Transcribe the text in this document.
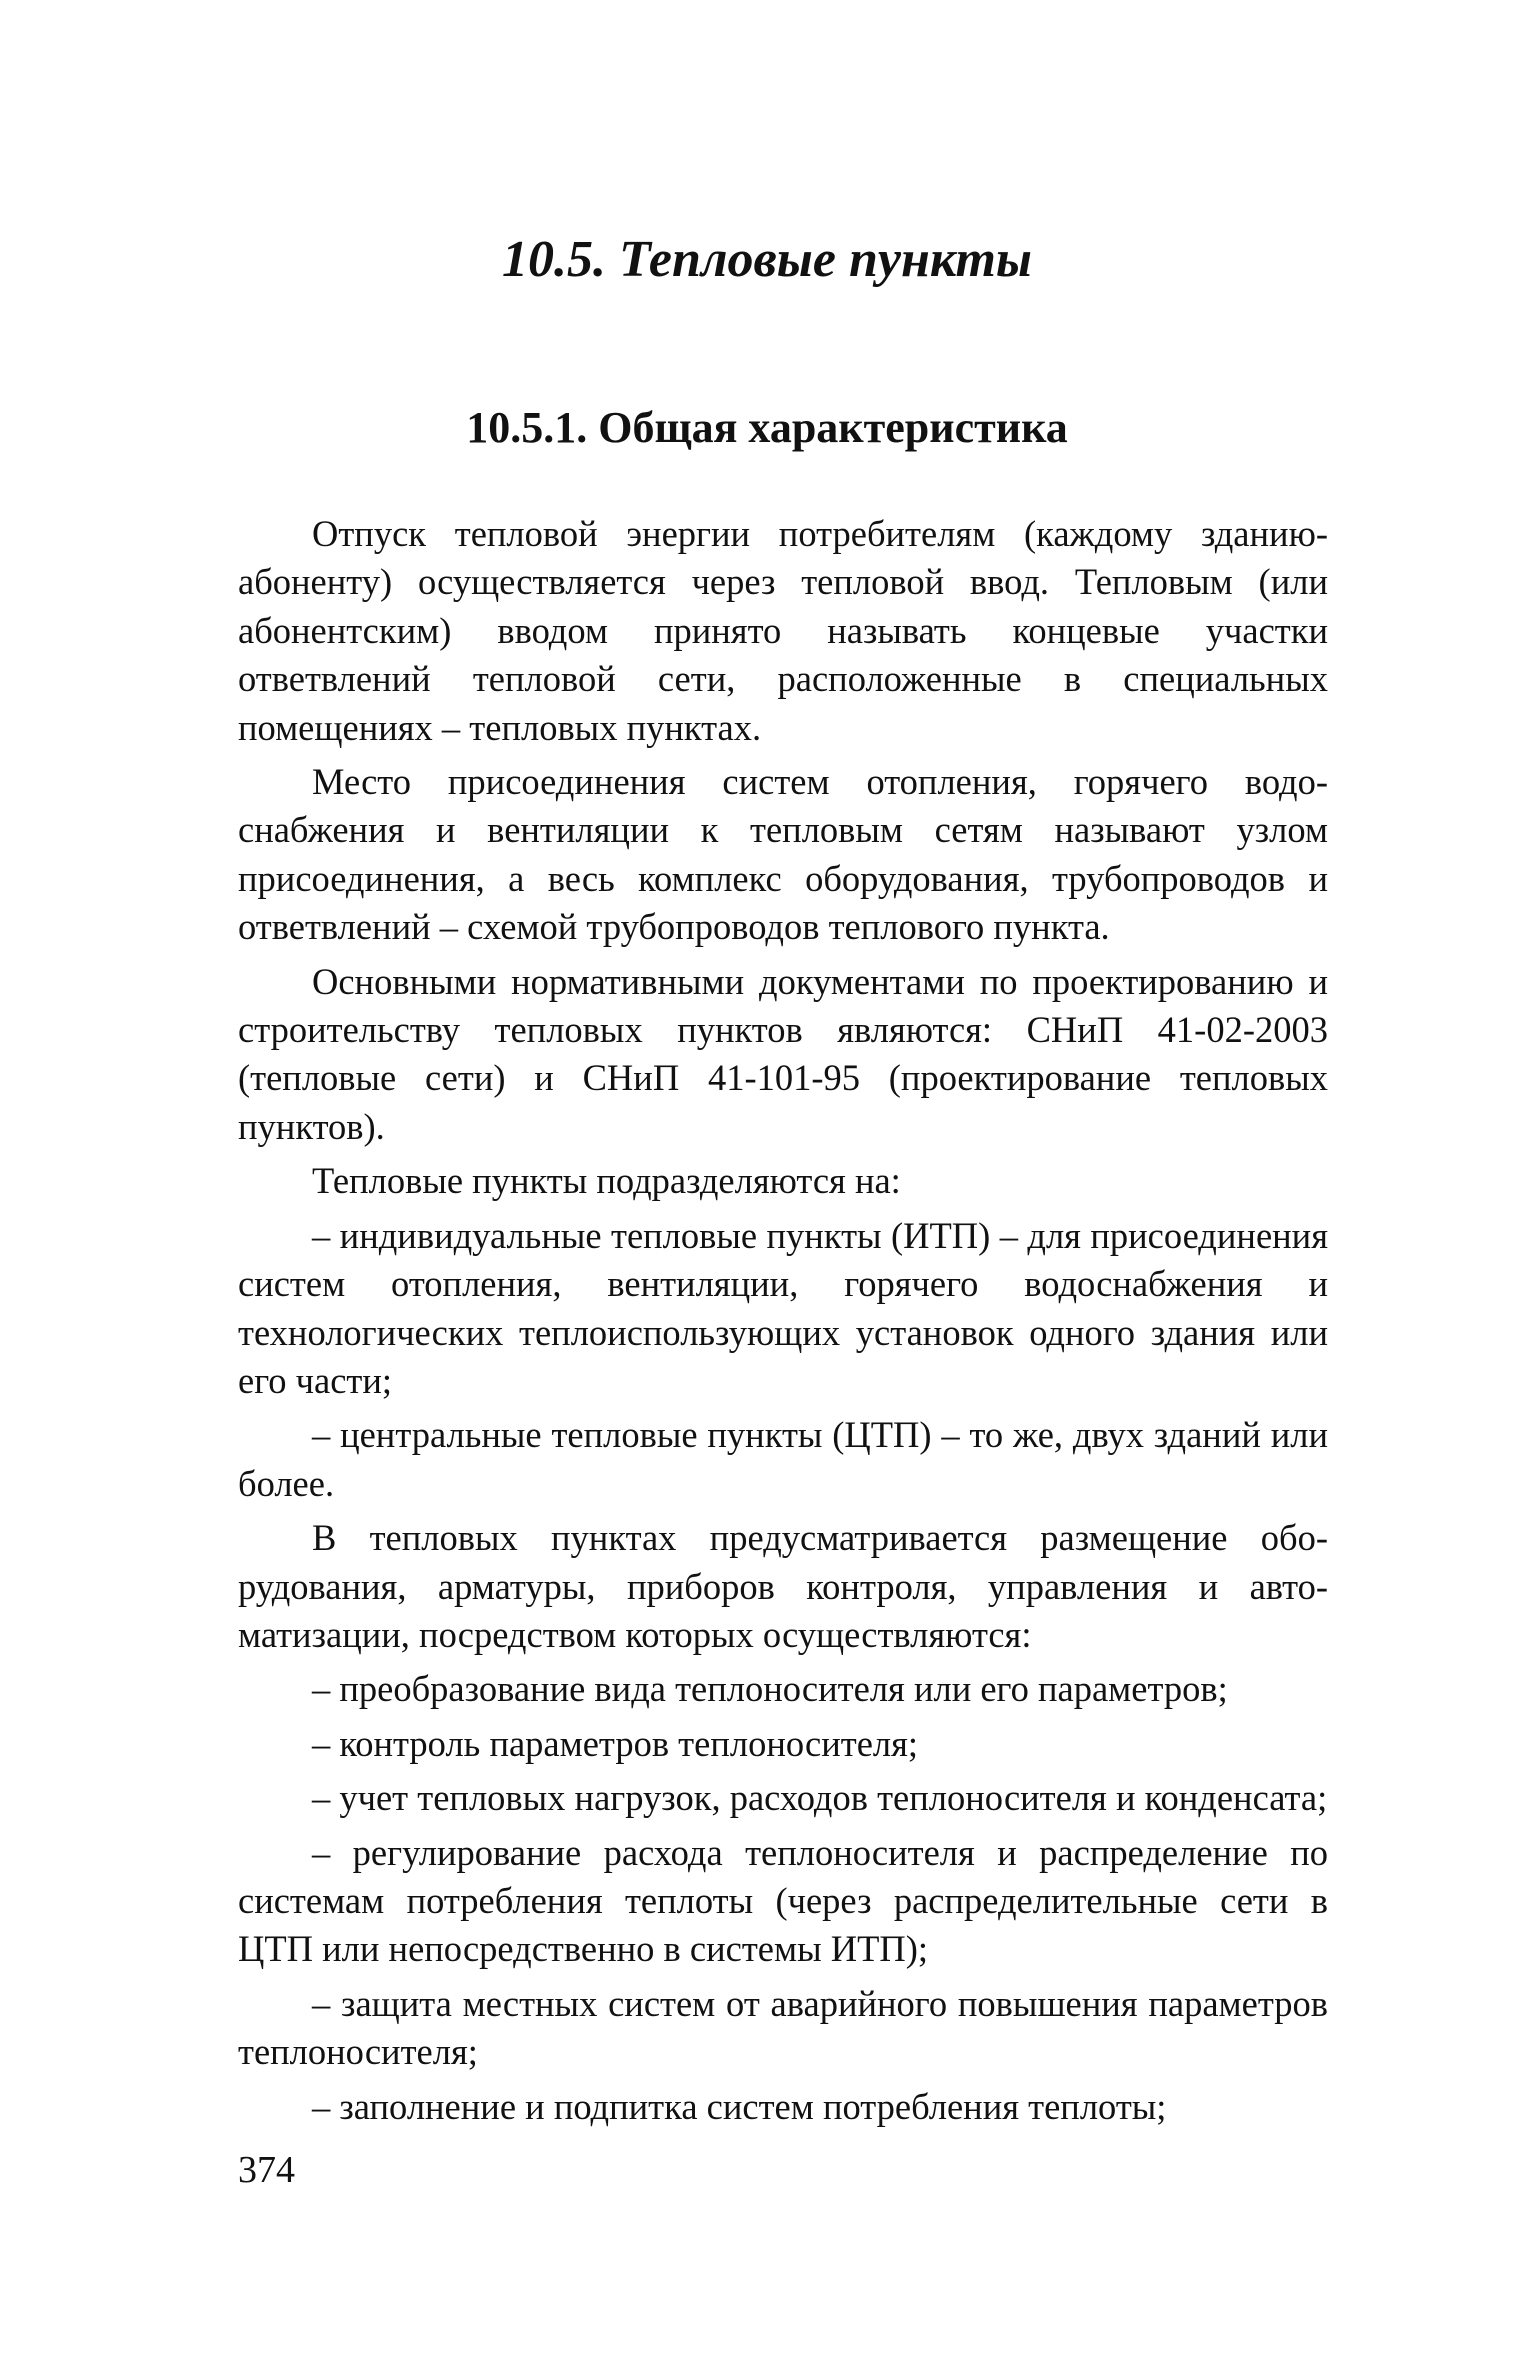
10.5. Тепловые пункты
10.5.1. Общая характеристика

Отпуск тепловой энергии потребителям (каждому зданию-абоненту) осуществляется через тепловой ввод. Тепловым (или абонентским) вводом принято называть концевые участки ответвлений тепловой сети, расположенные в специальных помещениях – тепловых пунктах.

Место присоединения систем отопления, горячего водоснабжения и вентиляции к тепловым сетям называют узлом присоединения, а весь комплекс оборудования, трубопроводов и ответвлений – схемой трубопроводов теплового пункта.

Основными нормативными документами по проектированию и строительству тепловых пунктов являются: СНиП 41-02-2003 (тепловые сети) и СНиП 41-101-95 (проектирование тепловых пунктов).

Тепловые пункты подразделяются на:

– индивидуальные тепловые пункты (ИТП) – для присоединения систем отопления, вентиляции, горячего водоснабжения и технологических теплоиспользующих установок одного здания или его части;

– центральные тепловые пункты (ЦТП) – то же, двух зданий или более.

В тепловых пунктах предусматривается размещение оборудования, арматуры, приборов контроля, управления и автоматизации, посредством которых осуществляются:

– преобразование вида теплоносителя или его параметров;

– контроль параметров теплоносителя;

– учет тепловых нагрузок, расходов теплоносителя и конденсата;

– регулирование расхода теплоносителя и распределение по системам потребления теплоты (через распределительные сети в ЦТП или непосредственно в системы ИТП);

– защита местных систем от аварийного повышения параметров теплоносителя;

– заполнение и подпитка систем потребления теплоты;

374
